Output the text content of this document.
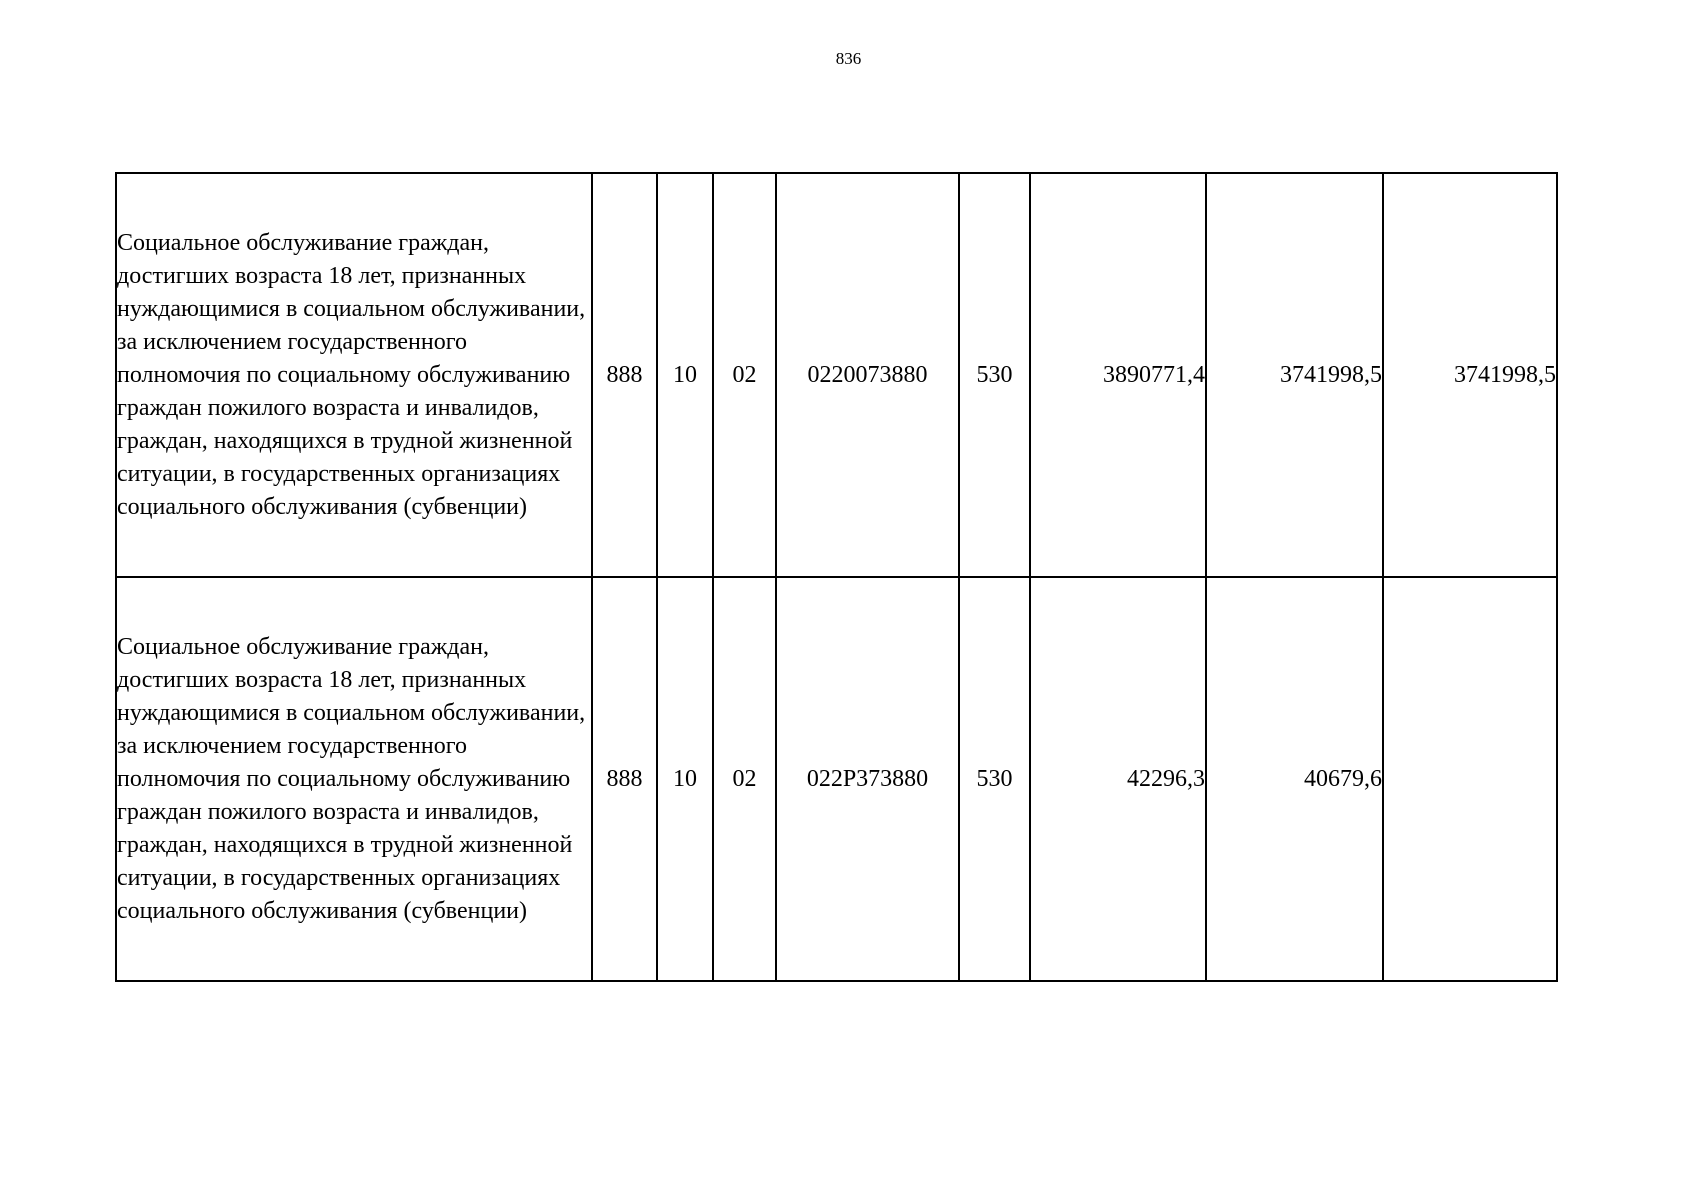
836
Социальное обслуживание граждан, достигших возраста 18 лет, признанных нуждающимися в социальном обслуживании, за исключением государственного полномочия по социальному обслуживанию граждан пожилого возраста и инвалидов, граждан, находящихся в трудной жизненной ситуации, в государственных организациях социального обслуживания (субвенции)	888	10	02	0220073880	530	3890771,4	3741998,5	3741998,5
Социальное обслуживание граждан, достигших возраста 18 лет, признанных нуждающимися в социальном обслуживании, за исключением государственного полномочия по социальному обслуживанию граждан пожилого возраста и инвалидов, граждан, находящихся в трудной жизненной ситуации, в государственных организациях социального обслуживания (субвенции)	888	10	02	022P373880	530	42296,3	40679,6	
